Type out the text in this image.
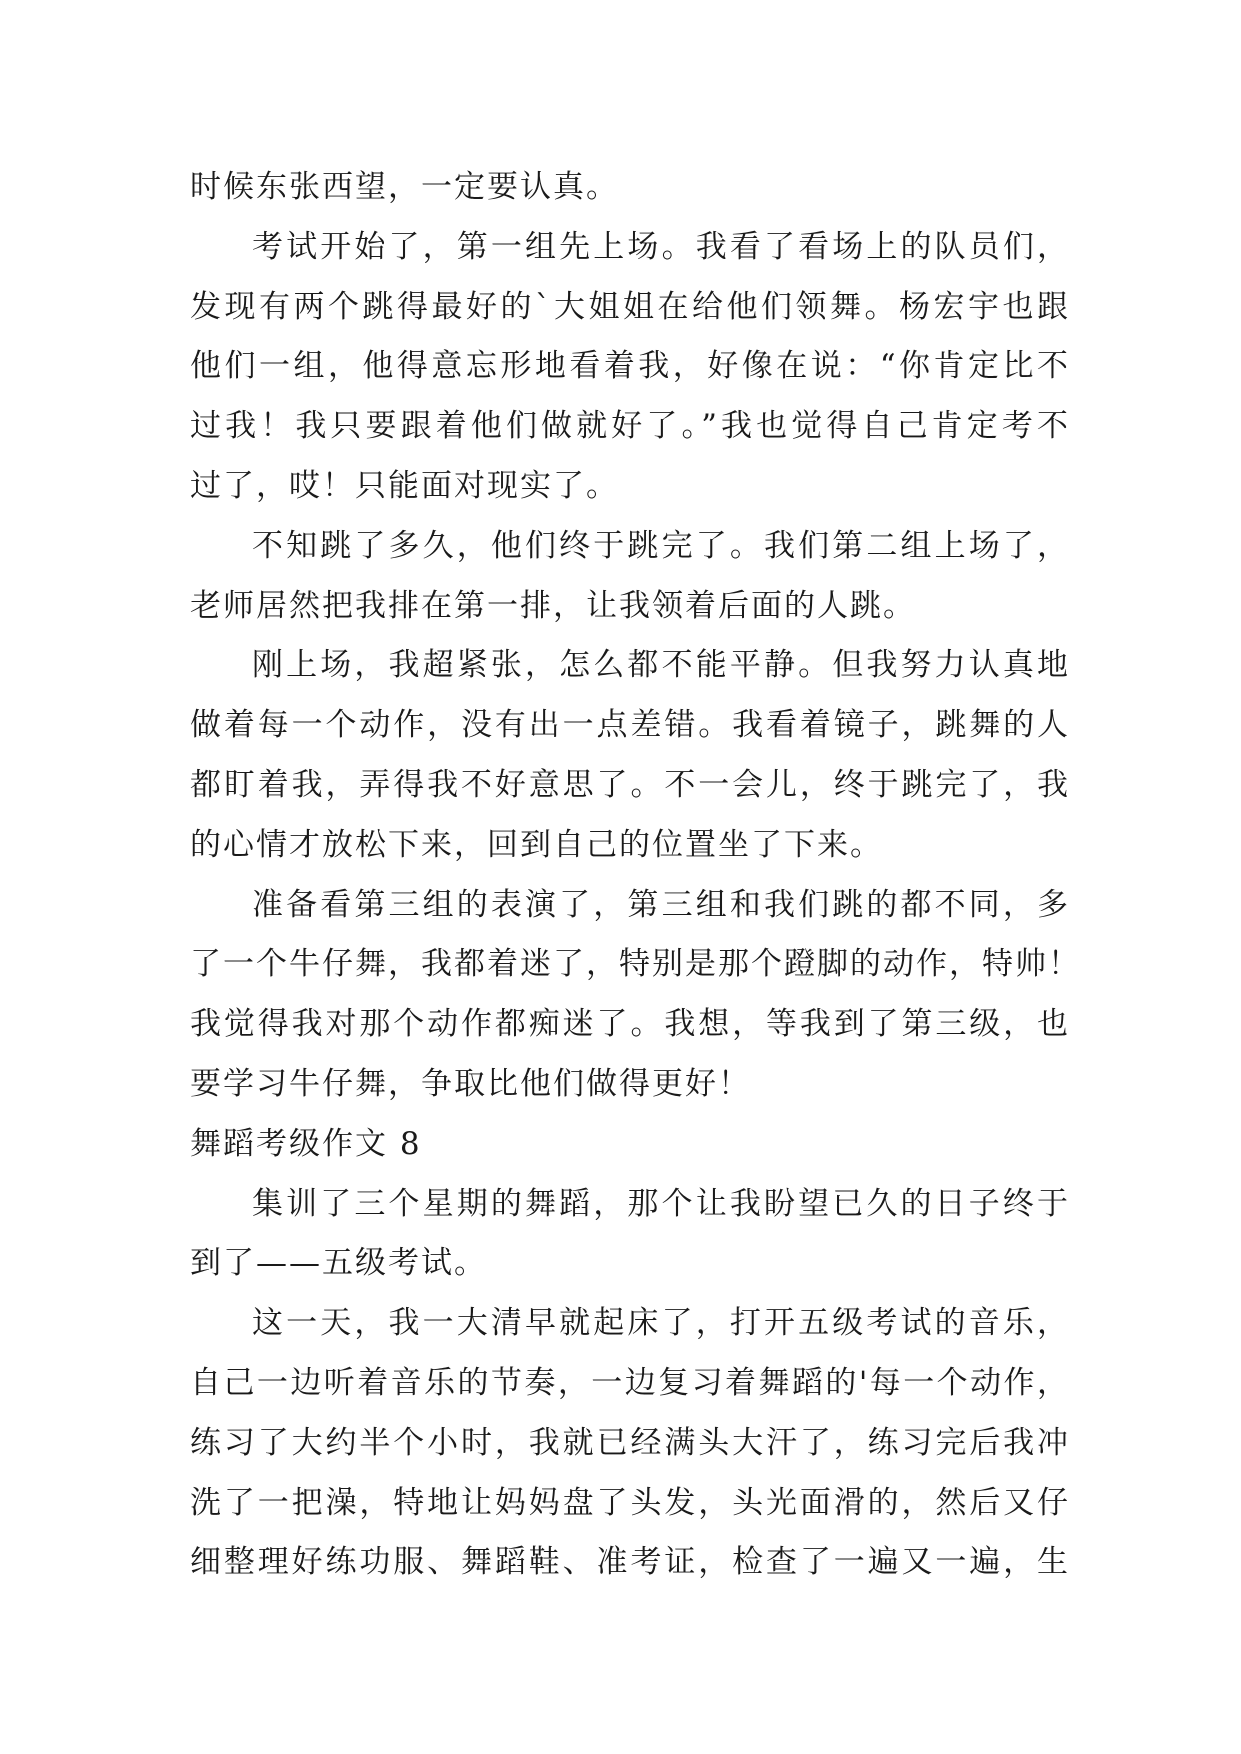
时候东张西望，一定要认真。
考试开始了，第一组先上场。我看了看场上的队员们，
发现有两个跳得最好的`大姐姐在给他们领舞。杨宏宇也跟
他们一组，他得意忘形地看着我，好像在说：“你肯定比不
过我！我只要跟着他们做就好了。”我也觉得自己肯定考不
过了，哎！只能面对现实了。
不知跳了多久，他们终于跳完了。我们第二组上场了，
老师居然把我排在第一排，让我领着后面的人跳。
刚上场，我超紧张，怎么都不能平静。但我努力认真地
做着每一个动作，没有出一点差错。我看着镜子，跳舞的人
都盯着我，弄得我不好意思了。不一会儿，终于跳完了，我
的心情才放松下来，回到自己的位置坐了下来。
准备看第三组的表演了，第三组和我们跳的都不同，多
了一个牛仔舞，我都着迷了，特别是那个蹬脚的动作，特帅！
我觉得我对那个动作都痴迷了。我想，等我到了第三级，也
要学习牛仔舞，争取比他们做得更好！
舞蹈考级作文 8
集训了三个星期的舞蹈，那个让我盼望已久的日子终于
到了——五级考试。
这一天，我一大清早就起床了，打开五级考试的音乐，
自己一边听着音乐的节奏，一边复习着舞蹈的'每一个动作，
练习了大约半个小时，我就已经满头大汗了，练习完后我冲
洗了一把澡，特地让妈妈盘了头发，头光面滑的，然后又仔
细整理好练功服、舞蹈鞋、准考证，检查了一遍又一遍，生
